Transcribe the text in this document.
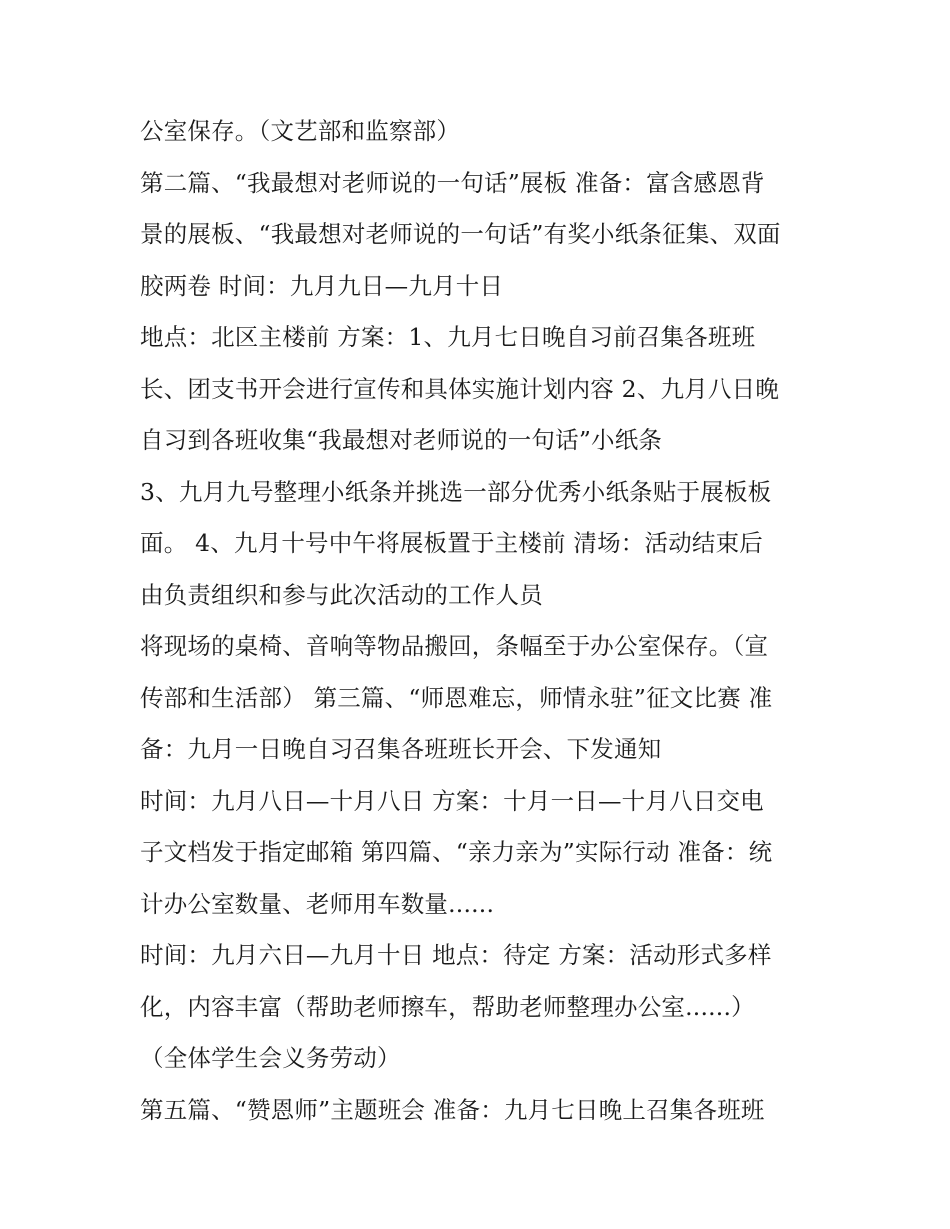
公室保存。（文艺部和监察部）
第二篇、“我最想对老师说的一句话”展板 准备：富含感恩背
景的展板、“我最想对老师说的一句话”有奖小纸条征集、双面
胶两卷 时间：九月九日—九月十日
地点：北区主楼前 方案：1、九月七日晚自习前召集各班班
长、团支书开会进行宣传和具体实施计划内容 2、九月八日晚
自习到各班收集“我最想对老师说的一句话”小纸条
3、九月九号整理小纸条并挑选一部分优秀小纸条贴于展板板
面。 4、九月十号中午将展板置于主楼前 清场：活动结束后
由负责组织和参与此次活动的工作人员
将现场的桌椅、音响等物品搬回，条幅至于办公室保存。（宣
传部和生活部） 第三篇、“师恩难忘，师情永驻”征文比赛 准
备：九月一日晚自习召集各班班长开会、下发通知
时间：九月八日—十月八日 方案：十月一日—十月八日交电
子文档发于指定邮箱 第四篇、“亲力亲为”实际行动 准备：统
计办公室数量、老师用车数量......
时间：九月六日—九月十日 地点：待定 方案：活动形式多样
化，内容丰富（帮助老师擦车，帮助老师整理办公室......）
（全体学生会义务劳动）
第五篇、“赞恩师”主题班会 准备：九月七日晚上召集各班班
